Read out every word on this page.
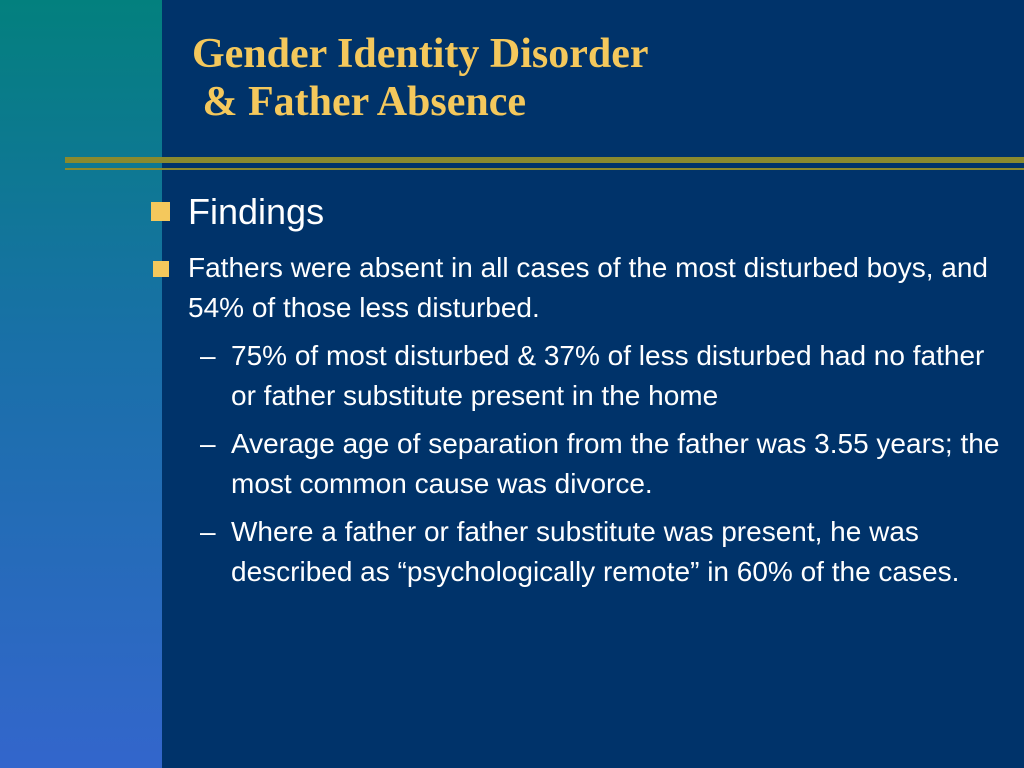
Gender Identity Disorder
& Father Absence

Findings

Fathers were absent in all cases of the most disturbed boys, and 54% of those less disturbed.

– 75% of most disturbed & 37% of less disturbed had no father or father substitute present in the home

– Average age of separation from the father was 3.55 years; the most common cause was divorce.

– Where a father or father substitute was present, he was described as “psychologically remote” in 60% of the cases.
